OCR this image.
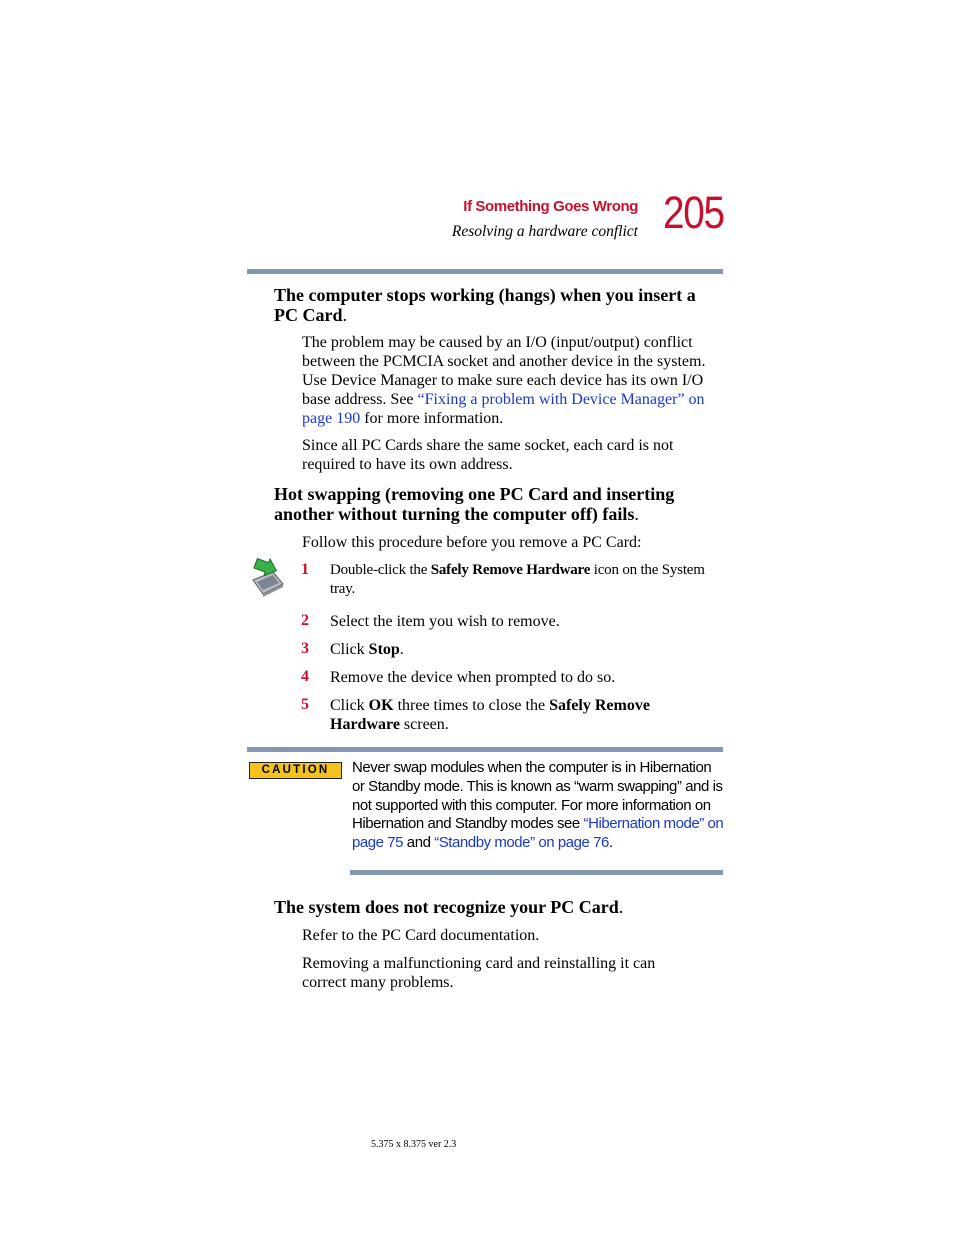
If Something Goes Wrong
Resolving a hardware conflict 205
The computer stops working (hangs) when you insert a PC Card.
The problem may be caused by an I/O (input/output) conflict between the PCMCIA socket and another device in the system. Use Device Manager to make sure each device has its own I/O base address. See “Fixing a problem with Device Manager” on page 190 for more information.
Since all PC Cards share the same socket, each card is not required to have its own address.
Hot swapping (removing one PC Card and inserting another without turning the computer off) fails.
Follow this procedure before you remove a PC Card:
1 Double-click the Safely Remove Hardware icon on the System tray.
2 Select the item you wish to remove.
3 Click Stop.
4 Remove the device when prompted to do so.
5 Click OK three times to close the Safely Remove Hardware screen.
CAUTION	Never swap modules when the computer is in Hibernation or Standby mode. This is known as “warm swapping” and is not supported with this computer. For more information on Hibernation and Standby modes see “Hibernation mode” on page 75 and “Standby mode” on page 76.
The system does not recognize your PC Card.
Refer to the PC Card documentation.
Removing a malfunctioning card and reinstalling it can correct many problems.
5.375 x 8.375 ver 2.3
